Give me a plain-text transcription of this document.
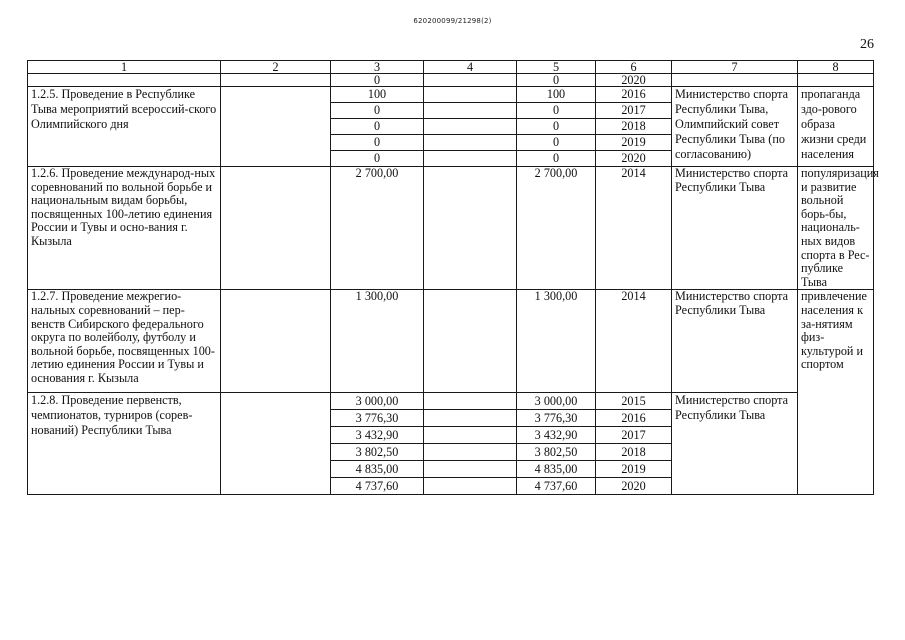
620200099/21298(2)
26
1	2	3	4	5	6	7	8
		0		0	2020		
1.2.5. Проведение в Республике Тыва мероприятий всероссий-ского Олимпийского дня		100		100	2016	Министерство спорта Республики Тыва, Олимпийский совет Республики Тыва (по согласованию)	пропаганда здо-рового образа жизни среди населения
		0		0	2017		
		0		0	2018		
		0		0	2019		
		0		0	2020		
1.2.6. Проведение международ-ных соревнований по вольной борьбе и национальным видам борьбы, посвященных 100-летию единения России и Тувы и осно-вания г. Кызыла		2 700,00		2 700,00	2014	Министерство спорта Республики Тыва	популяризация и развитие вольной борь-бы, националь-ных видов спорта в Рес-публике Тыва
1.2.7. Проведение межрегио-нальных соревнований – пер-венств Сибирского федерального округа по волейболу, футболу и вольной борьбе, посвященных 100-летию единения России и Тувы и основания г. Кызыла		1 300,00		1 300,00	2014	Министерство спорта Республики Тыва	привлечение населения к за-нятиям физ-культурой и спортом
1.2.8. Проведение первенств, чемпионатов, турниров (сорев-нований) Республики Тыва		3 000,00		3 000,00	2015	Министерство спорта Республики Тыва	
		3 776,30		3 776,30	2016		
		3 432,90		3 432,90	2017		
		3 802,50		3 802,50	2018		
		4 835,00		4 835,00	2019		
		4 737,60		4 737,60	2020		
